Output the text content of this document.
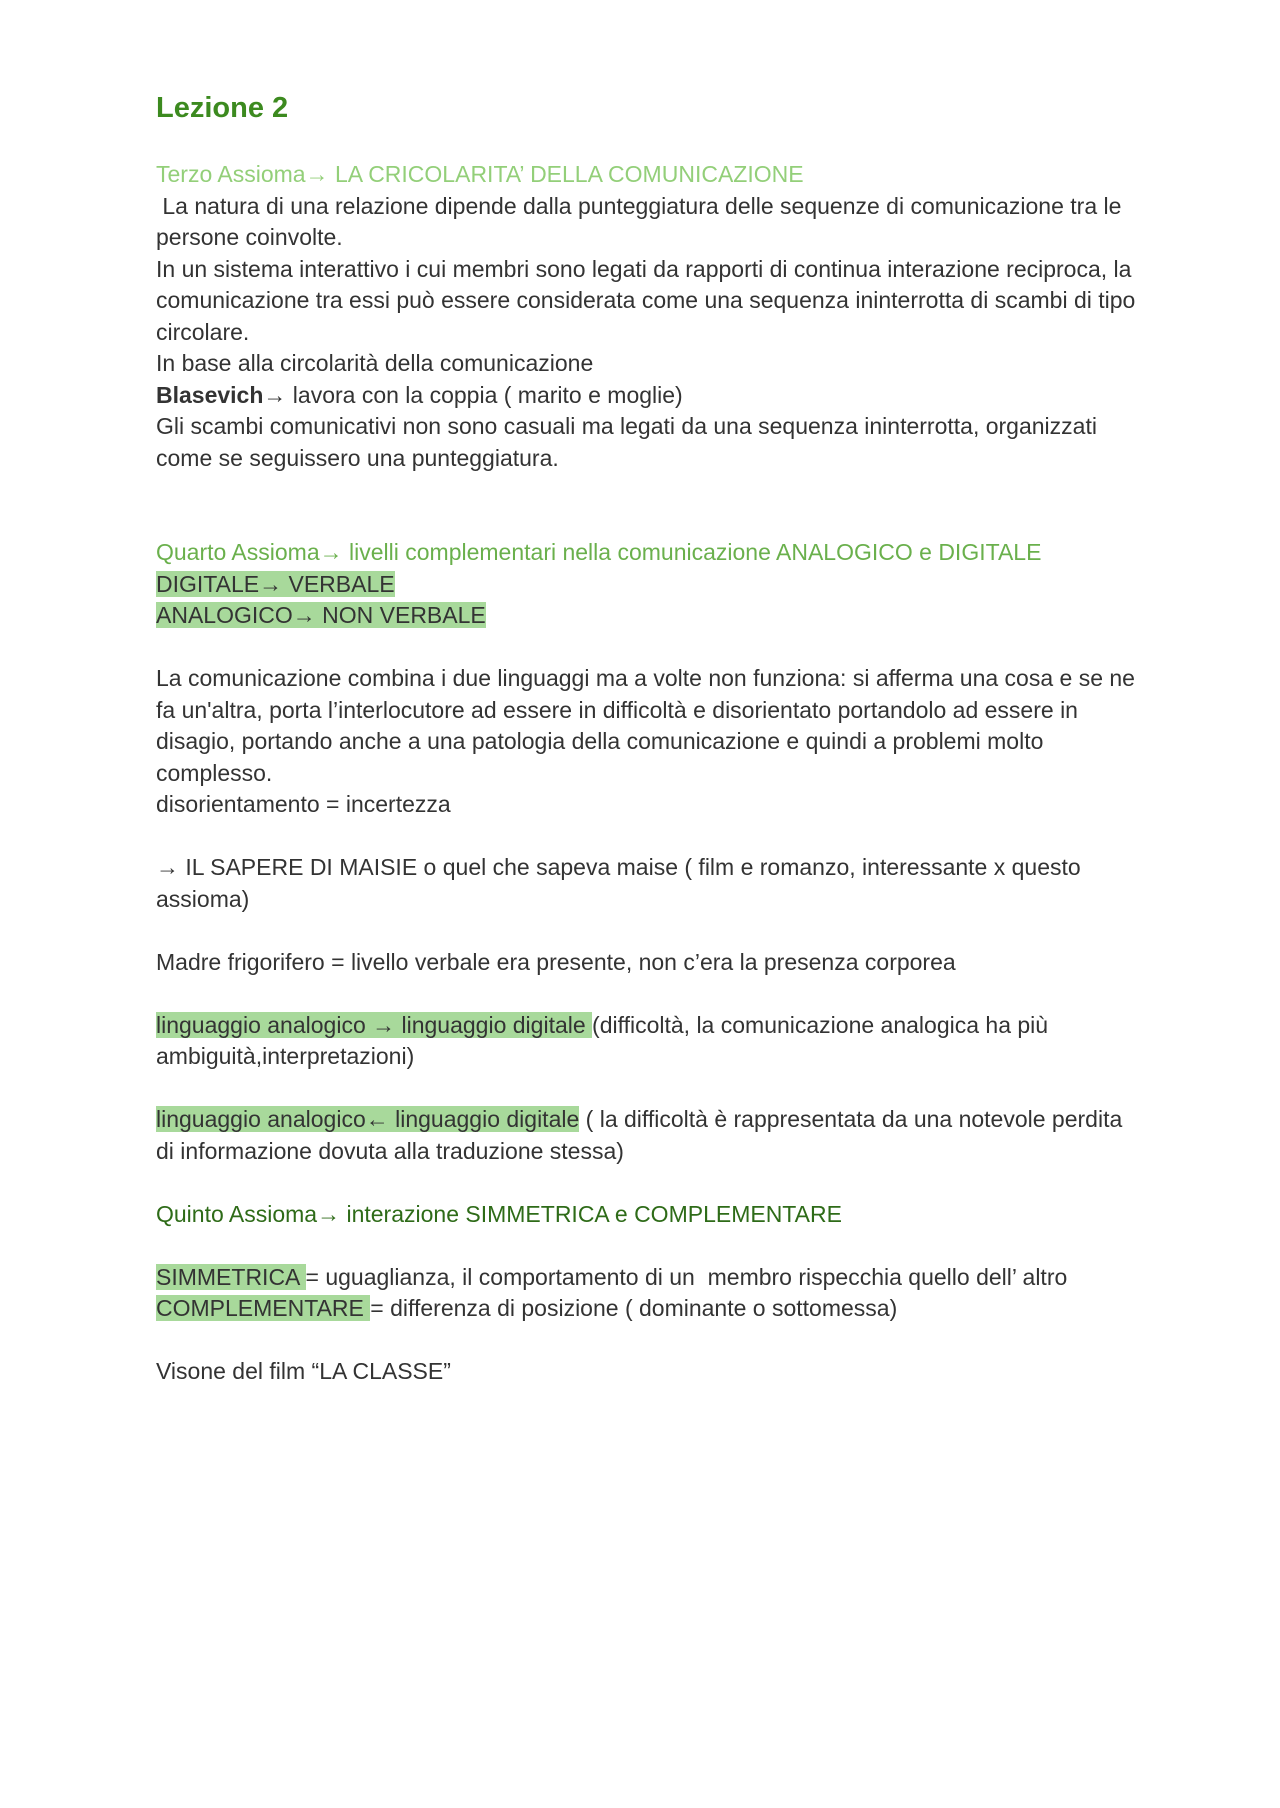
Lezione 2

Terzo Assioma→ LA CRICOLARITA’ DELLA COMUNICAZIONE

La natura di una relazione dipende dalla punteggiatura delle sequenze di comunicazione tra le persone coinvolte.

In un sistema interattivo i cui membri sono legati da rapporti di continua interazione reciproca, la comunicazione tra essi può essere considerata come una sequenza ininterrotta di scambi di tipo circolare.

In base alla circolarità della comunicazione

Blasevich→ lavora con la coppia ( marito e moglie)

Gli scambi comunicativi non sono casuali ma legati da una sequenza ininterrotta, organizzati come se seguissero una punteggiatura.

Quarto Assioma→ livelli complementari nella comunicazione ANALOGICO e DIGITALE

DIGITALE→ VERBALE

ANALOGICO→ NON VERBALE

La comunicazione combina i due linguaggi ma a volte non funziona: si afferma una cosa e se ne fa un'altra, porta l’interlocutore ad essere in difficoltà e disorientato portandolo ad essere in disagio, portando anche a una patologia della comunicazione e quindi a problemi molto complesso.

disorientamento = incertezza

→ IL SAPERE DI MAISIE o quel che sapeva maise ( film e romanzo, interessante x questo assioma)

Madre frigorifero = livello verbale era presente, non c’era la presenza corporea

linguaggio analogico → linguaggio digitale (difficoltà, la comunicazione analogica ha più ambiguità,interpretazioni)

linguaggio analogico← linguaggio digitale ( la difficoltà è rappresentata da una notevole perdita di informazione dovuta alla traduzione stessa)

Quinto Assioma→ interazione SIMMETRICA e COMPLEMENTARE

SIMMETRICA = uguaglianza, il comportamento di un  membro rispecchia quello dell’ altro

COMPLEMENTARE = differenza di posizione ( dominante o sottomessa)

Visone del film “LA CLASSE”
